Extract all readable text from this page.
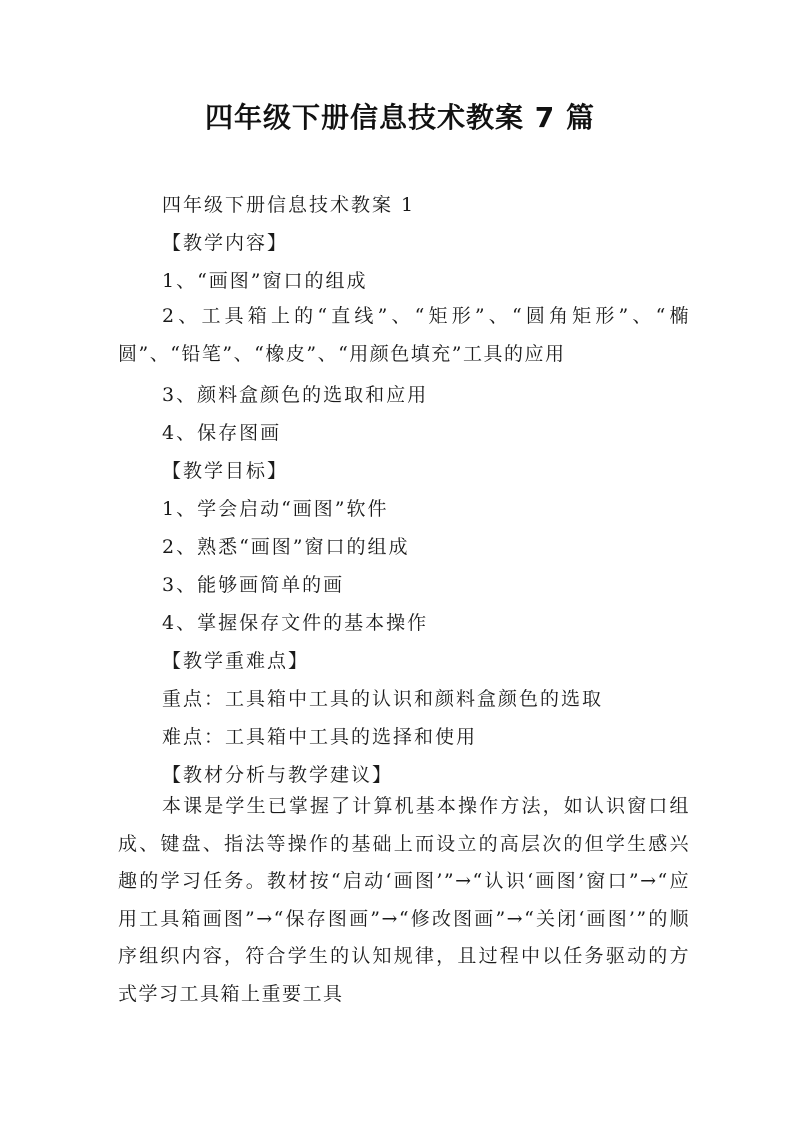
四年级下册信息技术教案 7 篇
四年级下册信息技术教案 1
【教学内容】
1、“画图”窗口的组成
2、工具箱上的“直线”、“矩形”、“圆角矩形”、“椭圆”、“铅笔”、“橡皮”、“用颜色填充”工具的应用
3、颜料盒颜色的选取和应用
4、保存图画
【教学目标】
1、学会启动“画图”软件
2、熟悉“画图”窗口的组成
3、能够画简单的画
4、掌握保存文件的基本操作
【教学重难点】
重点：工具箱中工具的认识和颜料盒颜色的选取
难点：工具箱中工具的选择和使用
【教材分析与教学建议】
本课是学生已掌握了计算机基本操作方法，如认识窗口组成、键盘、指法等操作的基础上而设立的高层次的但学生感兴趣的学习任务。教材按“启动‘画图’”→“认识‘画图’窗口”→“应用工具箱画图”→“保存图画”→“修改图画”→“关闭‘画图’”的顺序组织内容，符合学生的认知规律，且过程中以任务驱动的方式学习工具箱上重要工具
